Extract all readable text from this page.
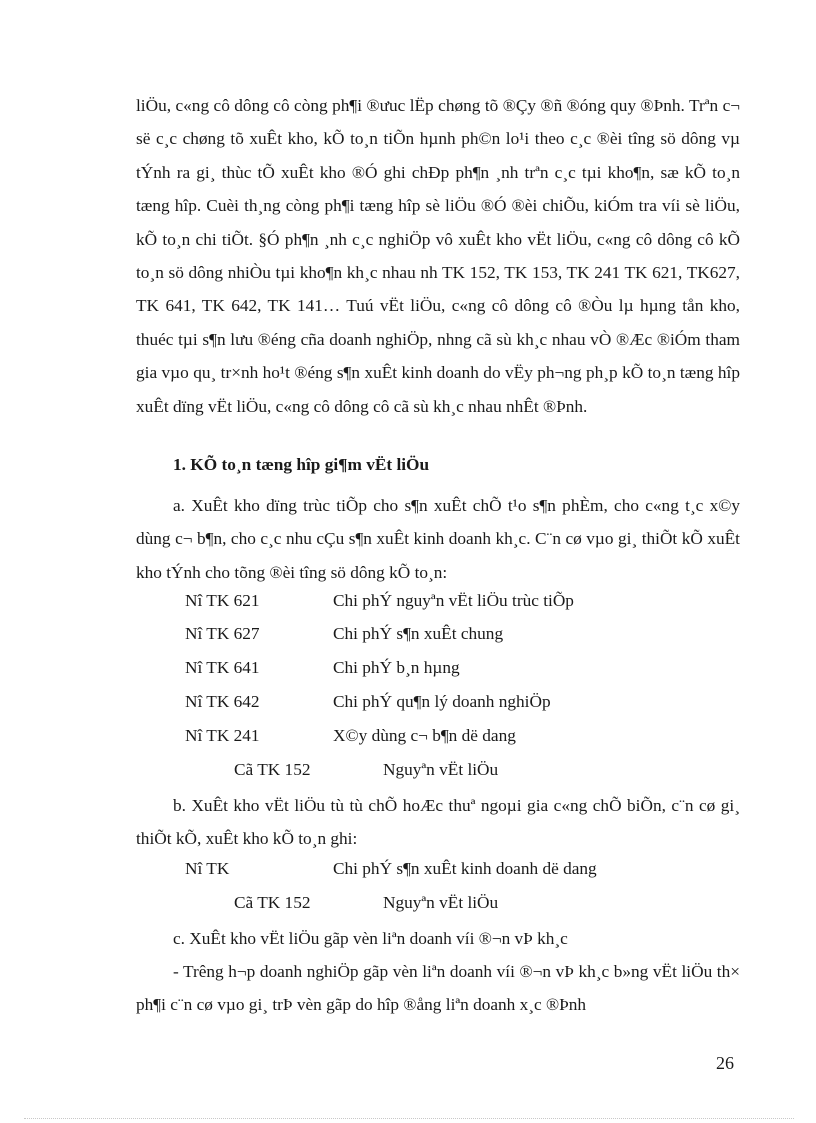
liÖu, c«ng cô dông cô còng ph¶i ®ưuc lËp chøng tõ ®Çy ®ñ ®óng quy ®Þnh. Trªn c¬ së c¸c chøng tõ xuÊt kho, kÕ to¸n tiÕn hµnh ph©n lo¹i theo c¸c ®èi tîng sö dông vµ tÝnh ra gi¸ thùc tÕ xuÊt kho ®Ó ghi chÐp ph¶n ¸nh trªn c¸c tµi kho¶n, sæ kÕ to¸n tæng hîp. Cuèi th¸ng còng ph¶i tæng hîp sè liÖu ®Ó ®èi chiÕu, kiÓm tra víi sè liÖu, kÕ to¸n chi tiÕt. §Ó ph¶n ¸nh c¸c nghiÖp vô xuÊt kho vËt liÖu, c«ng cô dông cô kÕ to¸n sö dông nhiÒu tµi kho¶n kh¸c nhau nh TK 152, TK 153, TK 241 TK 621, TK627, TK 641, TK 642, TK 141… Tuú vËt liÖu, c«ng cô dông cô ®Òu lµ hµng tån kho, thuéc tµi s¶n lưu ®éng cña doanh nghiÖp, nhng cã sù kh¸c nhau vÒ ®Æc ®iÓm tham gia vµo qu¸ tr×nh ho¹t ®éng s¶n xuÊt kinh doanh do vËy ph¬ng ph¸p kÕ to¸n tæng hîp xuÊt dïng vËt liÖu, c«ng cô dông cô cã sù kh¸c nhau nhÊt ®Þnh.

1. KÕ to¸n tæng hîp gi¶m vËt liÖu

a. XuÊt kho dïng trùc tiÕp cho s¶n xuÊt chÕ t¹o s¶n phÈm, cho c«ng t¸c x©y dùng c¬ b¶n, cho c¸c nhu cÇu s¶n xuÊt kinh doanh kh¸c. C¨n cø vµo gi¸ thiÕt kÕ xuÊt kho tÝnh cho tõng ®èi tîng sö dông kÕ to¸n:

Nî TK 621	Chi phÝ nguyªn vËt liÖu trùc tiÕp
Nî TK 627	Chi phÝ s¶n xuÊt chung
Nî TK 641	Chi phÝ b¸n hµng
Nî TK 642	Chi phÝ qu¶n lý doanh nghiÖp
Nî TK 241	X©y dùng c¬ b¶n dë dang
Cã TK 152	Nguyªn vËt liÖu

b. XuÊt kho vËt liÖu tù tù chÕ hoÆc thuª ngoµi gia c«ng chÕ biÕn, c¨n cø gi¸ thiÕt kÕ, xuÊt kho kÕ to¸n ghi:

Nî TK	Chi phÝ s¶n xuÊt kinh doanh dë dang
Cã TK 152	Nguyªn vËt liÖu

c. XuÊt kho vËt liÖu gãp vèn liªn doanh víi ®¬n vÞ kh¸c

- Trêng h¬p doanh nghiÖp gãp vèn liªn doanh víi ®¬n vÞ kh¸c b»ng vËt liÖu th× ph¶i c¨n cø vµo gi¸ trÞ vèn gãp do hîp ®ång liªn doanh x¸c ®Þnh

26
